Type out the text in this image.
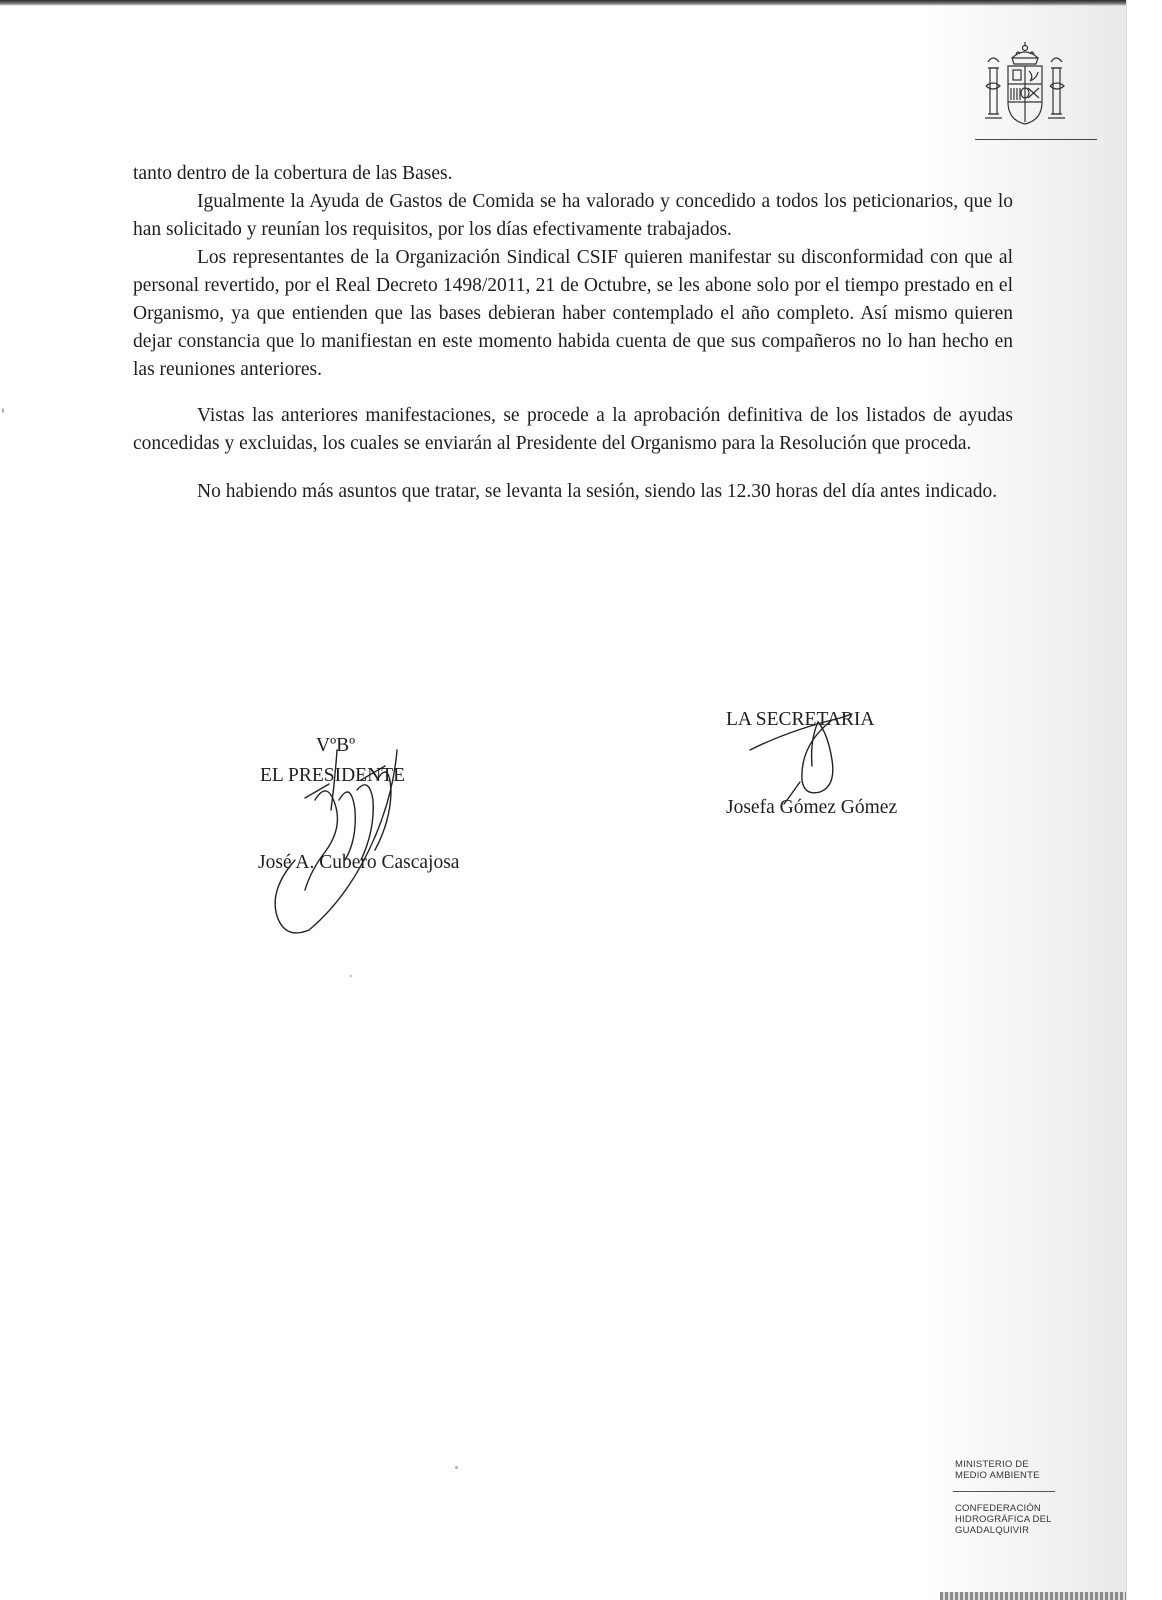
tanto dentro de la cobertura de las Bases.

Igualmente la Ayuda de Gastos de Comida se ha valorado y concedido a todos los peticionarios, que lo han solicitado y reunían los requisitos, por los días efectivamente trabajados.

Los representantes de la Organización Sindical CSIF quieren manifestar su disconformidad con que al personal revertido, por el Real Decreto 1498/2011, 21 de Octubre, se les abone solo por el tiempo prestado en el Organismo, ya que entienden que las bases debieran haber contemplado el año completo. Así mismo quieren dejar constancia que lo manifiestan en este momento habida cuenta de que sus compañeros no lo han hecho en las reuniones anteriores.

Vistas las anteriores manifestaciones, se procede a la aprobación definitiva de los listados de ayudas concedidas y excluidas, los cuales se enviarán al Presidente del Organismo para la Resolución que proceda.

No habiendo más asuntos que tratar, se levanta la sesión, siendo las 12.30 horas del día antes indicado.

LA SECRETARIA
Josefa Gómez Gómez
VºBº
EL PRESIDENTE
José A. Cubero Cascajosa
MINISTERIO DE
MEDIO AMBIENTE
CONFEDERACIÓN
HIDROGRÁFICA DEL
GUADALQUIVIR
